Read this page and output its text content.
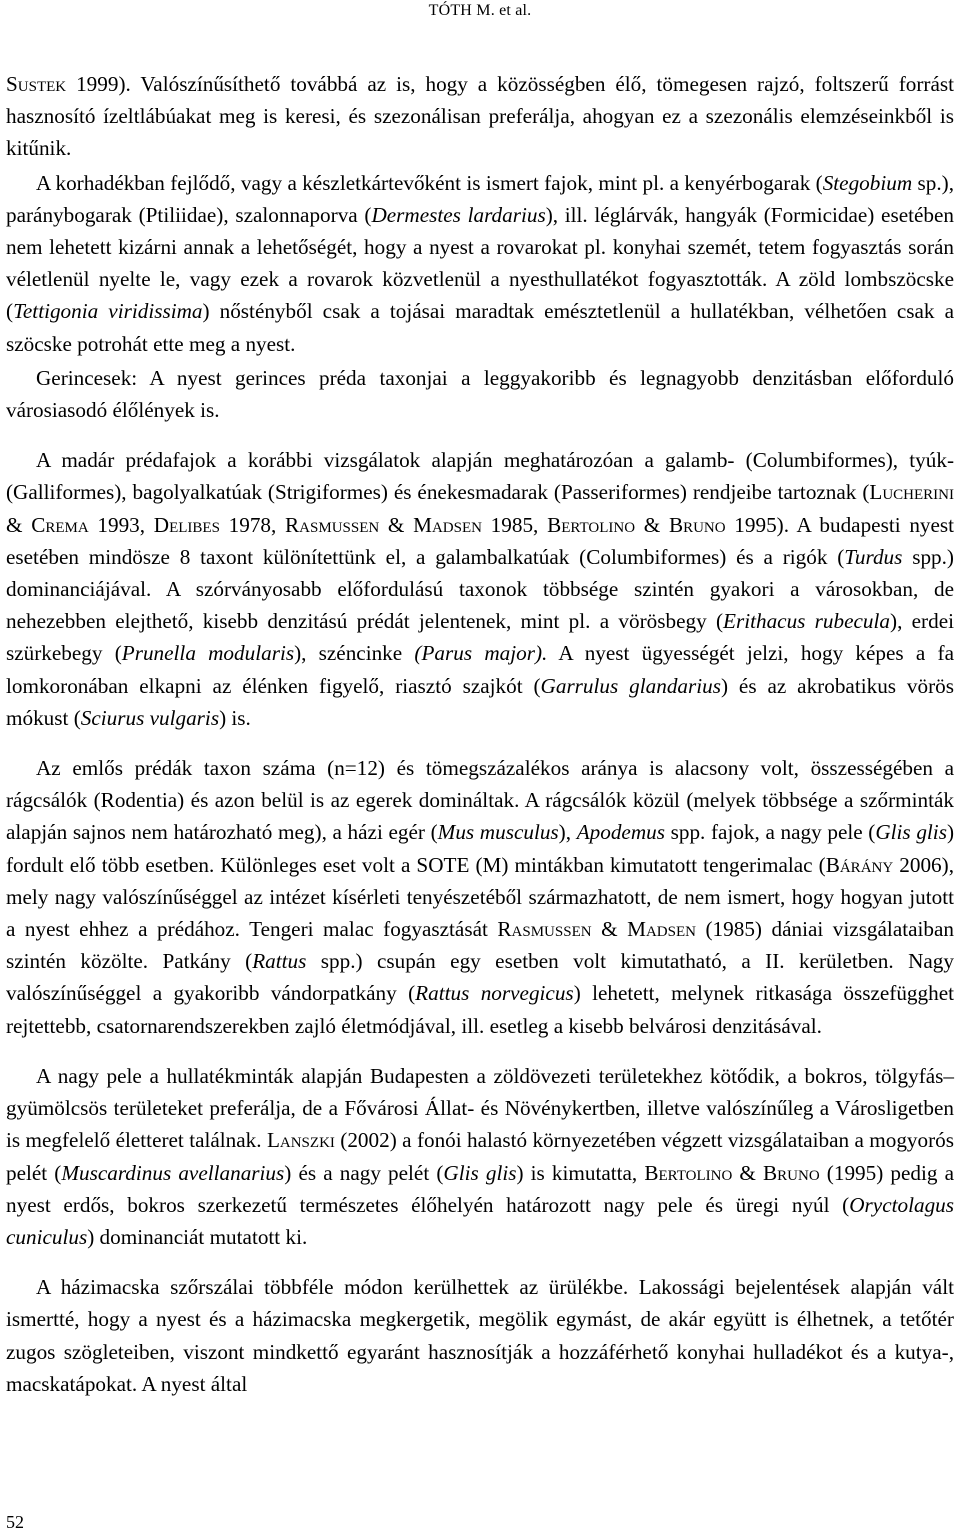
TÓTH M. et al.

Sustek 1999). Valószínűsíthető továbbá az is, hogy a közösségben élő, tömegesen rajzó, foltszerű forrást hasznosító ízeltlábúakat meg is keresi, és szezonálisan preferálja, ahogyan ez a szezonális elemzéseinkből is kitűnik.

A korhadékban fejlődő, vagy a készletkártevőként is ismert fajok, mint pl. a kenyérbogarak (Stegobium sp.), paránybogarak (Ptiliidae), szalonnaporva (Dermestes lardarius), ill. léglárvák, hangyák (Formicidae) esetében nem lehetett kizárni annak a lehetőségét, hogy a nyest a rovarokat pl. konyhai szemét, tetem fogyasztás során véletlenül nyelte le, vagy ezek a rovarok közvetlenül a nyesthullatékot fogyasztották. A zöld lombszöcske (Tettigonia viridissima) nőstényből csak a tojásai maradtak emésztetlenül a hullatékban, vélhetően csak a szöcske potrohát ette meg a nyest.

Gerincesek: A nyest gerinces préda taxonjai a leggyakoribb és legnagyobb denzitásban előforduló városiasodó élőlények is.

A madár prédafajok a korábbi vizsgálatok alapján meghatározóan a galamb- (Columbiformes), tyúk- (Galliformes), bagolyalkatúak (Strigiformes) és énekesmadarak (Passeriformes) rendjeibe tartoznak (Lucherini & Crema 1993, Delibes 1978, Rasmussen & Madsen 1985, Bertolino & Bruno 1995). A budapesti nyest esetében mindösze 8 taxont különítettünk el, a galambalkatúak (Columbiformes) és a rigók (Turdus spp.) dominanciájával. A szórványosabb előfordulású taxonok többsége szintén gyakori a városokban, de nehezebben elejthető, kisebb denzitású prédát jelentenek, mint pl. a vörösbegy (Erithacus rubecula), erdei szürkebegy (Prunella modularis), széncinke (Parus major). A nyest ügyességét jelzi, hogy képes a fa lomkoronában elkapni az élénken figyelő, riasztó szajkót (Garrulus glandarius) és az akrobatikus vörös mókust (Sciurus vulgaris) is.

Az emlős prédák taxon száma (n=12) és tömegszázalékos aránya is alacsony volt, összességében a rágcsálók (Rodentia) és azon belül is az egerek domináltak. A rágcsálók közül (melyek többsége a szőrminták alapján sajnos nem határozható meg), a házi egér (Mus musculus), Apodemus spp. fajok, a nagy pele (Glis glis) fordult elő több esetben. Különleges eset volt a SOTE (M) mintákban kimutatott tengerimalac (Bárány 2006), mely nagy valószínűséggel az intézet kísérleti tenyészetéből származhatott, de nem ismert, hogy hogyan jutott a nyest ehhez a prédához. Tengeri malac fogyasztását Rasmussen & Madsen (1985) dániai vizsgálataiban szintén közölte. Patkány (Rattus spp.) csupán egy esetben volt kimutatható, a II. kerületben. Nagy valószínűséggel a gyakoribb vándorpatkány (Rattus norvegicus) lehetett, melynek ritkasága összefügghet rejtettebb, csatornarendszerekben zajló életmódjával, ill. esetleg a kisebb belvárosi denzitásával.

A nagy pele a hullatékminták alapján Budapesten a zöldövezeti területekhez kötődik, a bokros, tölgyfás–gyümölcsös területeket preferálja, de a Fővárosi Állat- és Növénykertben, illetve valószínűleg a Városligetben is megfelelő életteret találnak. Lanszki (2002) a fonói halastó környezetében végzett vizsgálataiban a mogyorós pelét (Muscardinus avellanarius) és a nagy pelét (Glis glis) is kimutatta, Bertolino & Bruno (1995) pedig a nyest erdős, bokros szerkezetű természetes élőhelyén határozott nagy pele és üregi nyúl (Oryctolagus cuniculus) dominanciát mutatott ki.

A házimacska szőrszálai többféle módon kerülhettek az ürülékbe. Lakossági bejelentések alapján vált ismertté, hogy a nyest és a házimacska megkergetik, megölik egymást, de akár együtt is élhetnek, a tetőtér zugos szögleteiben, viszont mindkettő egyaránt hasznosítják a hozzáférhető konyhai hulladékot és a kutya-, macskatápokat. A nyest által

52
